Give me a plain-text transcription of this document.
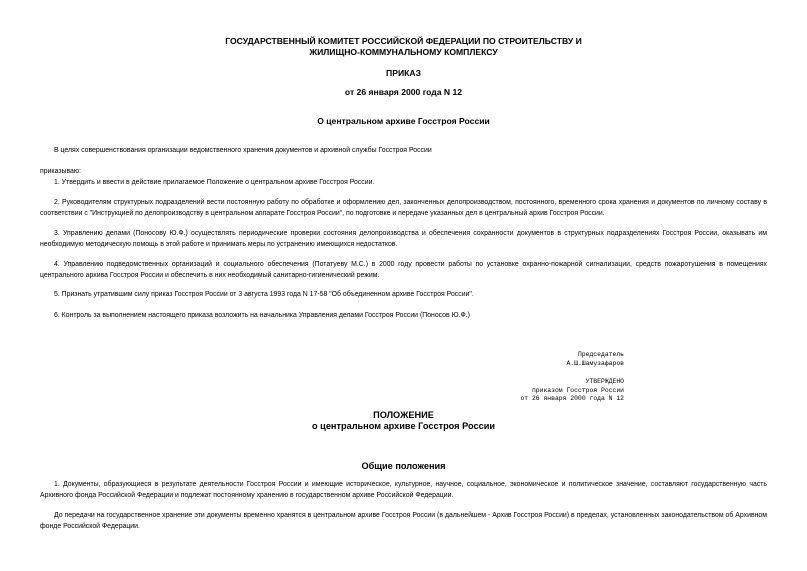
ГОСУДАРСТВЕННЫЙ КОМИТЕТ РОССИЙСКОЙ ФЕДЕРАЦИИ ПО СТРОИТЕЛЬСТВУ И
ЖИЛИЩНО-КОММУНАЛЬНОМУ КОМПЛЕКСУ
ПРИКАЗ
от 26 января 2000 года N 12
О центральном архиве Госстроя России
В целях совершенствования организации ведомственного хранения документов и архивной службы Госстроя России
приказываю:
1. Утвердить и ввести в действие прилагаемое Положение о центральном архиве Госстроя России.
2. Руководителям структурных подразделений вести постоянную работу по обработке и оформлению дел, законченных делопроизводством, постоянного, временного срока хранения и документов по личному составу в соответствии с "Инструкцией по делопроизводству в центральном аппарате Госстроя России", по подготовке и передаче указанных дел в центральный архив Госстроя России.
3. Управлению делами (Поносову Ю.Ф.) осуществлять периодические проверки состояния делопроизводства и обеспечения сохранности документов в структурных подразделениях Госстроя России, оказывать им необходимую методическую помощь в этой работе и принимать меры по устранению имеющихся недостатков.
4. Управлению подведомственных организаций и социального обеспечения (Потатуеву М.С.) в 2000 году провести работы по установке охранно-пожарной сигнализации, средств пожаротушения в помещениях центрального архива Госстроя России и обеспечить в них необходимый санитарно-гигиенический режим.
5. Признать утратившим силу приказ Госстроя России от 3 августа 1993 года N 17-58 "Об объединенном архиве Госстроя России".
6. Контроль за выполнением настоящего приказа возложить на начальника Управления делами Госстроя России (Поносов Ю.Ф.)
Председатель
А.Ш.Шамузафаров
УТВЕРЖДЕНО
приказом Госстроя России
от 26 января 2000 года N 12
ПОЛОЖЕНИЕ
о центральном архиве Госстроя России
Общие положения
1. Документы, образующиеся в результате деятельности Госстроя России и имеющие историческое, культурное, научное, социальное, экономическое и политическое значение, составляют государственную часть Архивного фонда Российской Федерации и подлежат постоянному хранению в государственном архиве Российской Федерации.
До передачи на государственное хранение эти документы временно хранятся в центральном архиве Госстроя России (в дальнейшем - Архив Госстроя России) в пределах, установленных законодательством об Архивном фонде Российской Федерации.
